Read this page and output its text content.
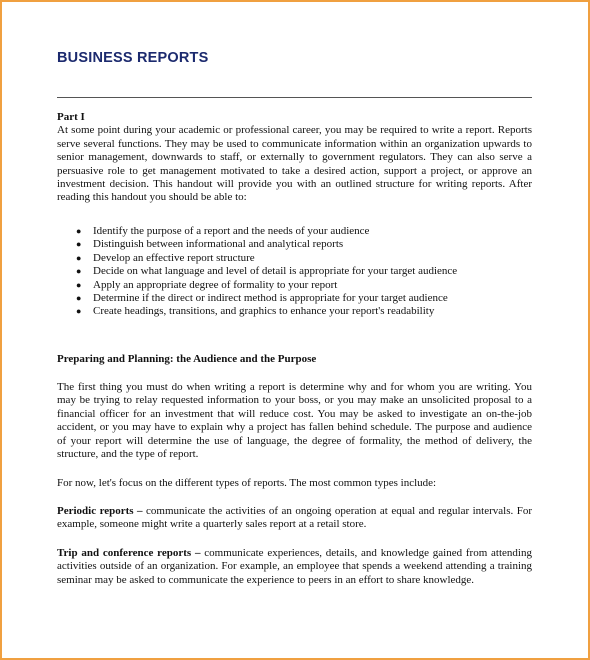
BUSINESS REPORTS
Part I

At some point during your academic or professional career, you may be required to write a report. Reports serve several functions. They may be used to communicate information within an organization upwards to senior management, downwards to staff, or externally to government regulators. They can also serve a persuasive role to get management motivated to take a desired action, support a project, or approve an investment decision. This handout will provide you with an outlined structure for writing reports. After reading this handout you should be able to:

● Identify the purpose of a report and the needs of your audience
● Distinguish between informational and analytical reports
● Develop an effective report structure
● Decide on what language and level of detail is appropriate for your target audience
● Apply an appropriate degree of formality to your report
● Determine if the direct or indirect method is appropriate for your target audience
● Create headings, transitions, and graphics to enhance your report's readability
Preparing and Planning: the Audience and the Purpose

The first thing you must do when writing a report is determine why and for whom you are writing. You may be trying to relay requested information to your boss, or you may make an unsolicited proposal to a financial officer for an investment that will reduce cost. You may be asked to investigate an on-the-job accident, or you may have to explain why a project has fallen behind schedule. The purpose and audience of your report will determine the use of language, the degree of formality, the method of delivery, the structure, and the type of report.

For now, let's focus on the different types of reports. The most common types include:

Periodic reports – communicate the activities of an ongoing operation at equal and regular intervals. For example, someone might write a quarterly sales report at a retail store.

Trip and conference reports – communicate experiences, details, and knowledge gained from attending activities outside of an organization. For example, an employee that spends a weekend attending a training seminar may be asked to communicate the experience to peers in an effort to share knowledge.
